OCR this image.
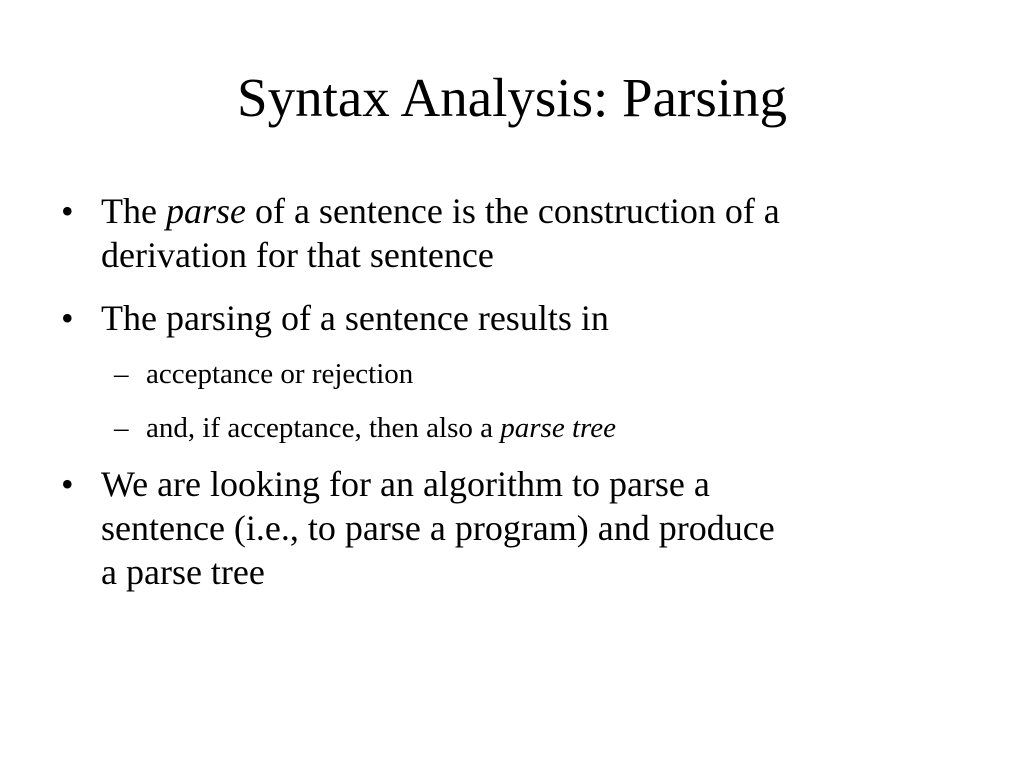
Syntax Analysis: Parsing
• The parse of a sentence is the construction of a
derivation for that sentence
• The parsing of a sentence results in
– acceptance or rejection
– and, if acceptance, then also a parse tree
• We are looking for an algorithm to parse a
sentence (i.e., to parse a program) and produce
a parse tree
